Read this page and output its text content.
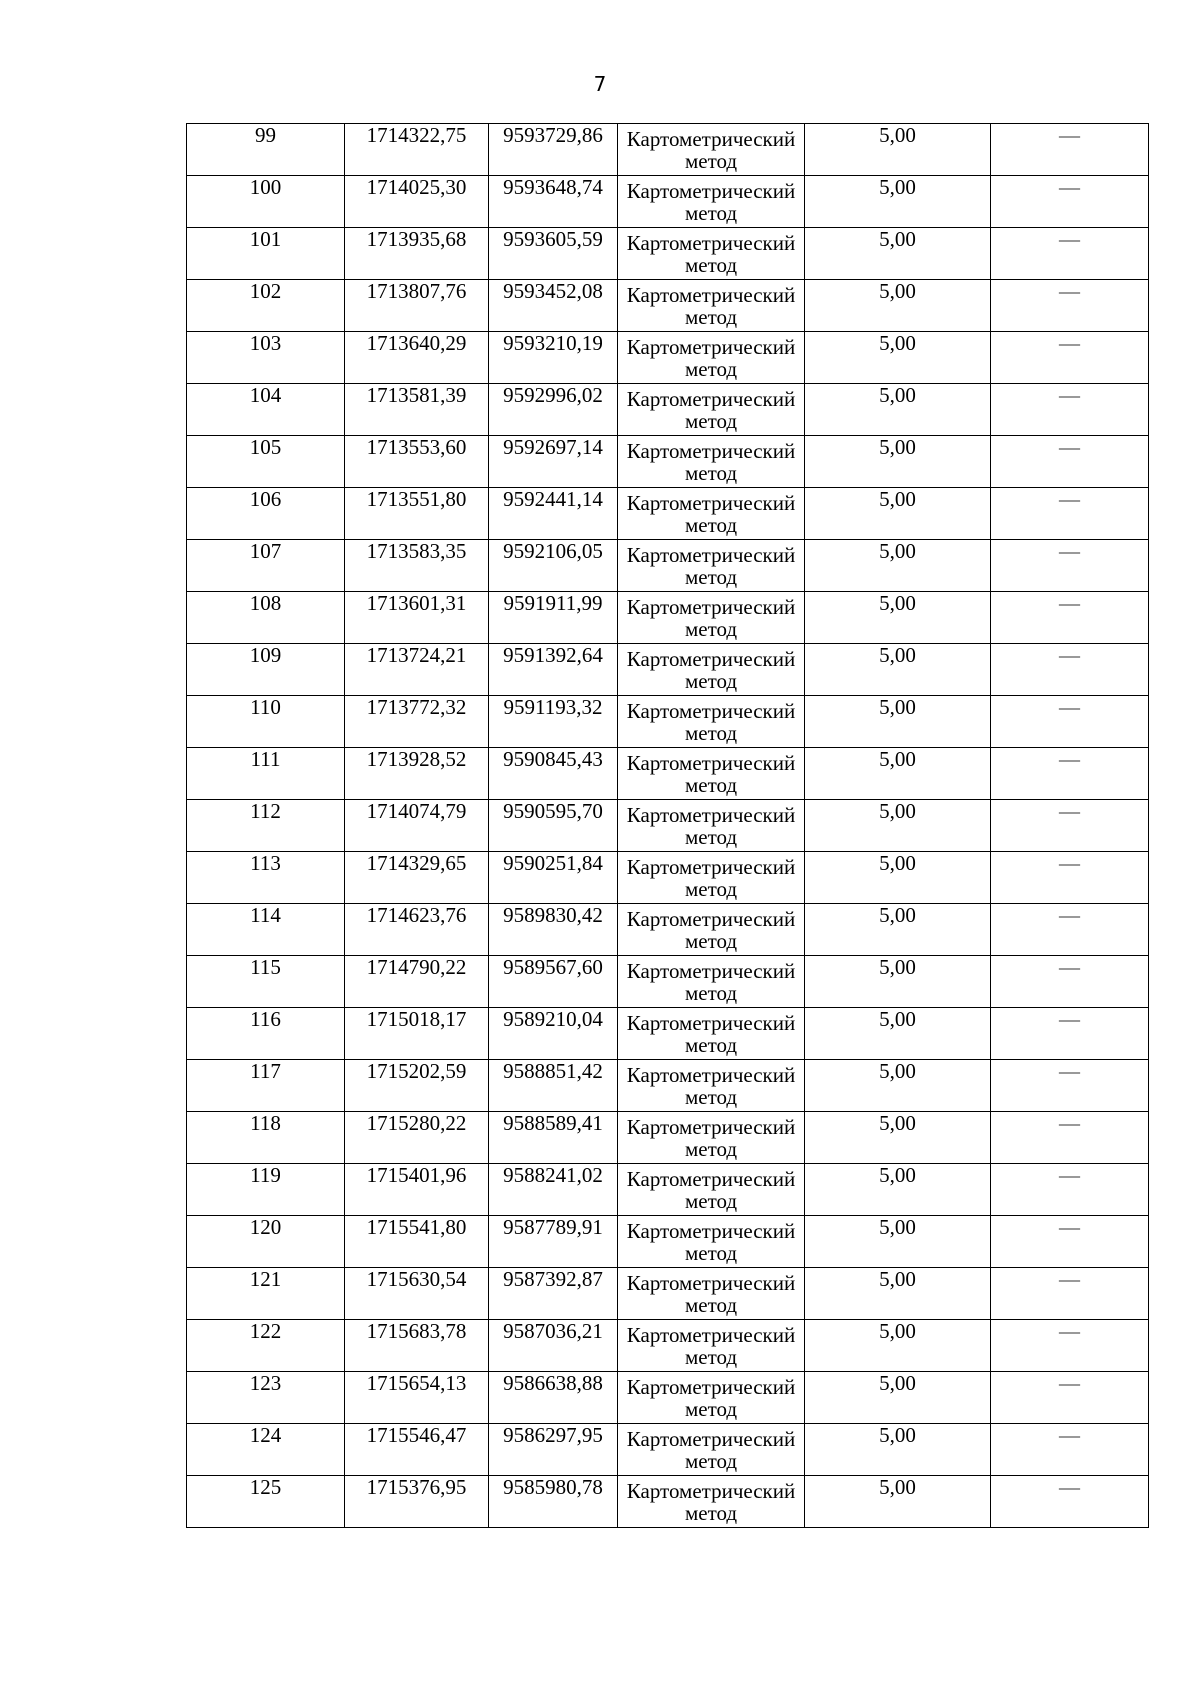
7
99	1714322,75	9593729,86	Картометрический метод	5,00	—
100	1714025,30	9593648,74	Картометрический метод	5,00	—
101	1713935,68	9593605,59	Картометрический метод	5,00	—
102	1713807,76	9593452,08	Картометрический метод	5,00	—
103	1713640,29	9593210,19	Картометрический метод	5,00	—
104	1713581,39	9592996,02	Картометрический метод	5,00	—
105	1713553,60	9592697,14	Картометрический метод	5,00	—
106	1713551,80	9592441,14	Картометрический метод	5,00	—
107	1713583,35	9592106,05	Картометрический метод	5,00	—
108	1713601,31	9591911,99	Картометрический метод	5,00	—
109	1713724,21	9591392,64	Картометрический метод	5,00	—
110	1713772,32	9591193,32	Картометрический метод	5,00	—
111	1713928,52	9590845,43	Картометрический метод	5,00	—
112	1714074,79	9590595,70	Картометрический метод	5,00	—
113	1714329,65	9590251,84	Картометрический метод	5,00	—
114	1714623,76	9589830,42	Картометрический метод	5,00	—
115	1714790,22	9589567,60	Картометрический метод	5,00	—
116	1715018,17	9589210,04	Картометрический метод	5,00	—
117	1715202,59	9588851,42	Картометрический метод	5,00	—
118	1715280,22	9588589,41	Картометрический метод	5,00	—
119	1715401,96	9588241,02	Картометрический метод	5,00	—
120	1715541,80	9587789,91	Картометрический метод	5,00	—
121	1715630,54	9587392,87	Картометрический метод	5,00	—
122	1715683,78	9587036,21	Картометрический метод	5,00	—
123	1715654,13	9586638,88	Картометрический метод	5,00	—
124	1715546,47	9586297,95	Картометрический метод	5,00	—
125	1715376,95	9585980,78	Картометрический метод	5,00	—
